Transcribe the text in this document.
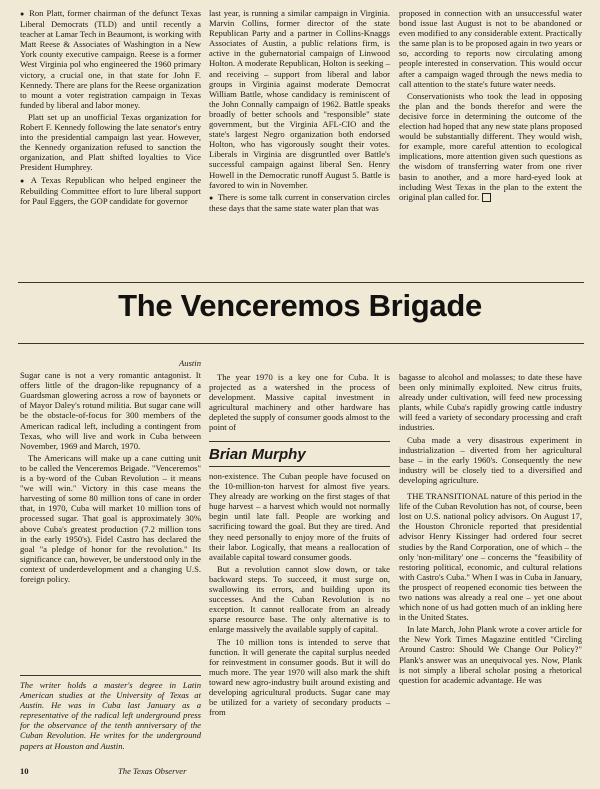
● Ron Platt, former chairman of the defunct Texas Liberal Democrats (TLD) and until recently a teacher at Lamar Tech in Beaumont, is working with Matt Reese & Associates of Washington in a New York county executive campaign. Reese is a former West Virginia pol who engineered the 1960 primary victory, a crucial one, in that state for John F. Kennedy. There are plans for the Reese organization to mount a voter registration campaign in Texas funded by liberal and labor money.

Platt set up an unofficial Texas organization for Robert F. Kennedy following the late senator's entry into the presidential campaign last year. However, the Kennedy organization refused to sanction the organization, and Platt shifted loyalties to Vice President Humphrey.

● A Texas Republican who helped engineer the Rebuilding Committee effort to lure liberal support for Paul Eggers, the GOP candidate for governor

last year, is running a similar campaign in Virginia. Marvin Collins, former director of the state Republican Party and a partner in Collins-Knaggs Associates of Austin, a public relations firm, is active in the gubernatorial campaign of Linwood Holton. A moderate Republican, Holton is seeking – and receiving – support from liberal and labor groups in Virginia against moderate Democrat William Battle, whose candidacy is reminiscent of the John Connally campaign of 1962. Battle speaks broadly of better schools and "responsible" state government, but the Virginia AFL-CIO and the state's largest Negro organization both endorsed Holton, who has vigorously sought their votes. Liberals in Virginia are disgruntled over Battle's successful campaign against liberal Sen. Henry Howell in the Democratic runoff August 5. Battle is favored to win in November.

● There is some talk current in conservation circles these days that the same state water plan that was

proposed in connection with an unsuccessful water bond issue last August is not to be abandoned or even modified to any considerable extent. Practically the same plan is to be proposed again in two years or so, according to reports now circulating among people interested in conservation. This would occur after a campaign waged through the news media to call attention to the state's future water needs.

Conservationists who took the lead in opposing the plan and the bonds therefor and were the decisive force in determining the outcome of the election had hoped that any new state plans proposed would be substantially different. They would wish, for example, more careful attention to ecological implications, more attention given such questions as the wisdom of transferring water from one river basin to another, and a more hard-eyed look at including West Texas in the plan to the extent the original plan called for.

The Venceremos Brigade

Austin

Sugar cane is not a very romantic antagonist. It offers little of the dragon-like repugnancy of a Guardsman glowering across a row of bayonets or of Mayor Daley's rotund militia. But sugar cane will be the obstacle-of-focus for 300 members of the American radical left, including a contingent from Texas, who will live and work in Cuba between November, 1969 and March, 1970.

The Americans will make up a cane cutting unit to be called the Venceremos Brigade. "Venceremos" is a by-word of the Cuban Revolution – it means "we will win." Victory in this case means the harvesting of some 80 million tons of cane in order that, in 1970, Cuba will market 10 million tons of processed sugar. That goal is approximately 30% above Cuba's greatest production (7.2 million tons in the early 1950's). Fidel Castro has declared the goal "a pledge of honor for the revolution." Its significance can, however, be understood only in the context of underdevelopment and a changing U.S. foreign policy.

The writer holds a master's degree in Latin American studies at the University of Texas at Austin. He was in Cuba last January as a representative of the radical left underground press for the observance of the tenth anniversary of the Cuban Revolution. He writes for the underground papers at Houston and Austin.

The year 1970 is a key one for Cuba. It is projected as a watershed in the process of development. Massive capital investment in agricultural machinery and other hardware has depleted the supply of consumer goods almost to the point of

Brian Murphy

non-existence. The Cuban people have focused on the 10-million-ton harvest for almost five years. They already are working on the first stages of that huge harvest – a harvest which would not normally begin until late fall. People are working and sacrificing toward the goal. But they are tired. And they need personally to enjoy more of the fruits of their labor. Logically, that means a reallocation of available capital toward consumer goods.

But a revolution cannot slow down, or take backward steps. To succeed, it must surge on, swallowing its errors, and building upon its successes. And the Cuban Revolution is no exception. It cannot reallocate from an already sparse resource base. The only alternative is to enlarge massively the available supply of capital.

The 10 million tons is intended to serve that function. It will generate the capital surplus needed for reinvestment in consumer goods. But it will do much more. The year 1970 will also mark the shift toward new agro-industry built around existing and developing agricultural products. Sugar cane may be utilized for a variety of secondary products – from

bagasse to alcohol and molasses; to date these have been only minimally exploited. New citrus fruits, already under cultivation, will feed new processing plants, while Cuba's rapidly growing cattle industry will feed a variety of secondary processing and craft industries.

Cuba made a very disastrous experiment in industrialization – diverted from her agricultural base – in the early 1960's. Consequently the new industry will be closely tied to a diversified and developing agriculture.

THE TRANSITIONAL nature of this period in the life of the Cuban Revolution has not, of course, been lost on U.S. national policy advisors. On August 17, the Houston Chronicle reported that presidential advisor Henry Kissinger had ordered four secret studies by the Rand Corporation, one of which – the only 'non-military' one – concerns the "feasibility of restoring political, economic, and cultural relations with Castro's Cuba." When I was in Cuba in January, the prospect of reopened economic ties between the two nations was already a real one – yet one about which none of us had gotten much of an inkling here in the United States.

In late March, John Plank wrote a cover article for the New York Times Magazine entitled "Circling Around Castro: Should We Change Our Policy?" Plank's answer was an unequivocal yes. Now, Plank is not simply a liberal scholar posing a rhetorical question for academic advantage. He was

10	The Texas Observer
